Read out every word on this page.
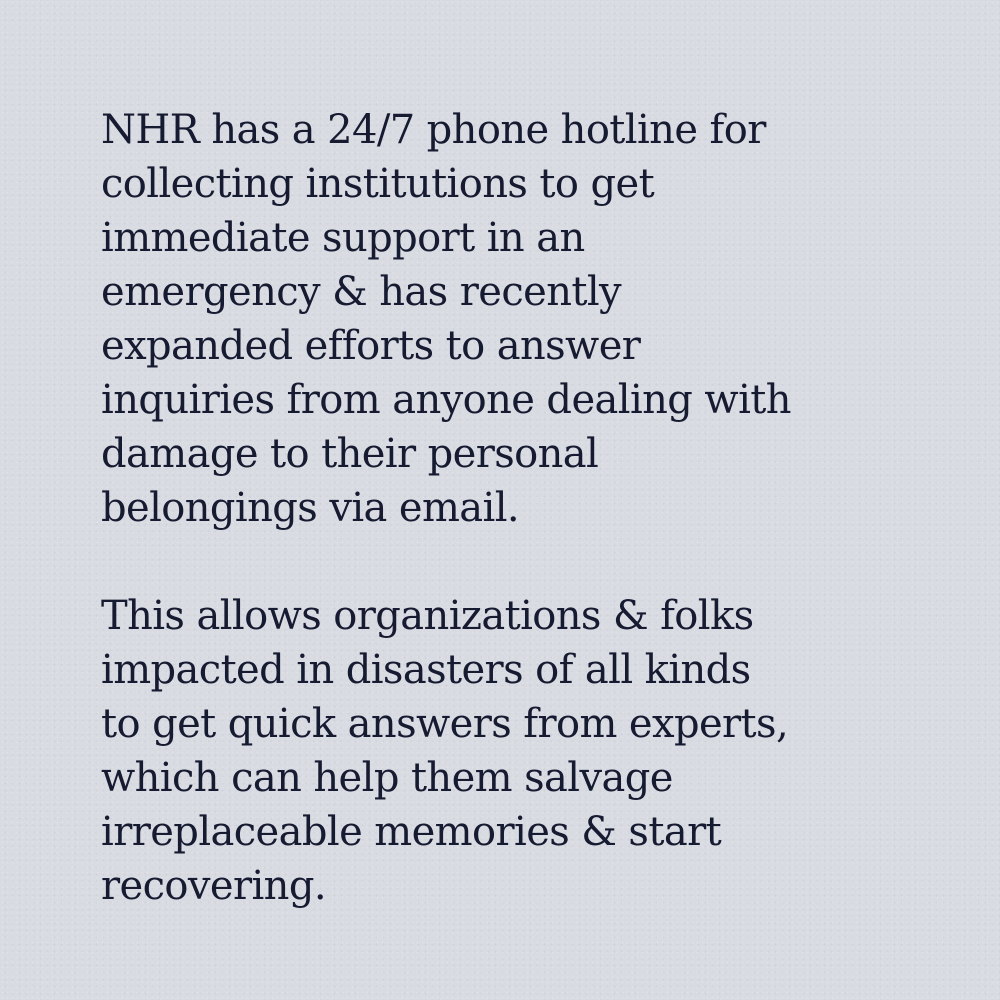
NHR has a 24/7 phone hotline for
collecting institutions to get
immediate support in an
emergency & has recently
expanded efforts to answer
inquiries from anyone dealing with
damage to their personal
belongings via email.

This allows organizations & folks
impacted in disasters of all kinds
to get quick answers from experts,
which can help them salvage
irreplaceable memories & start
recovering.
